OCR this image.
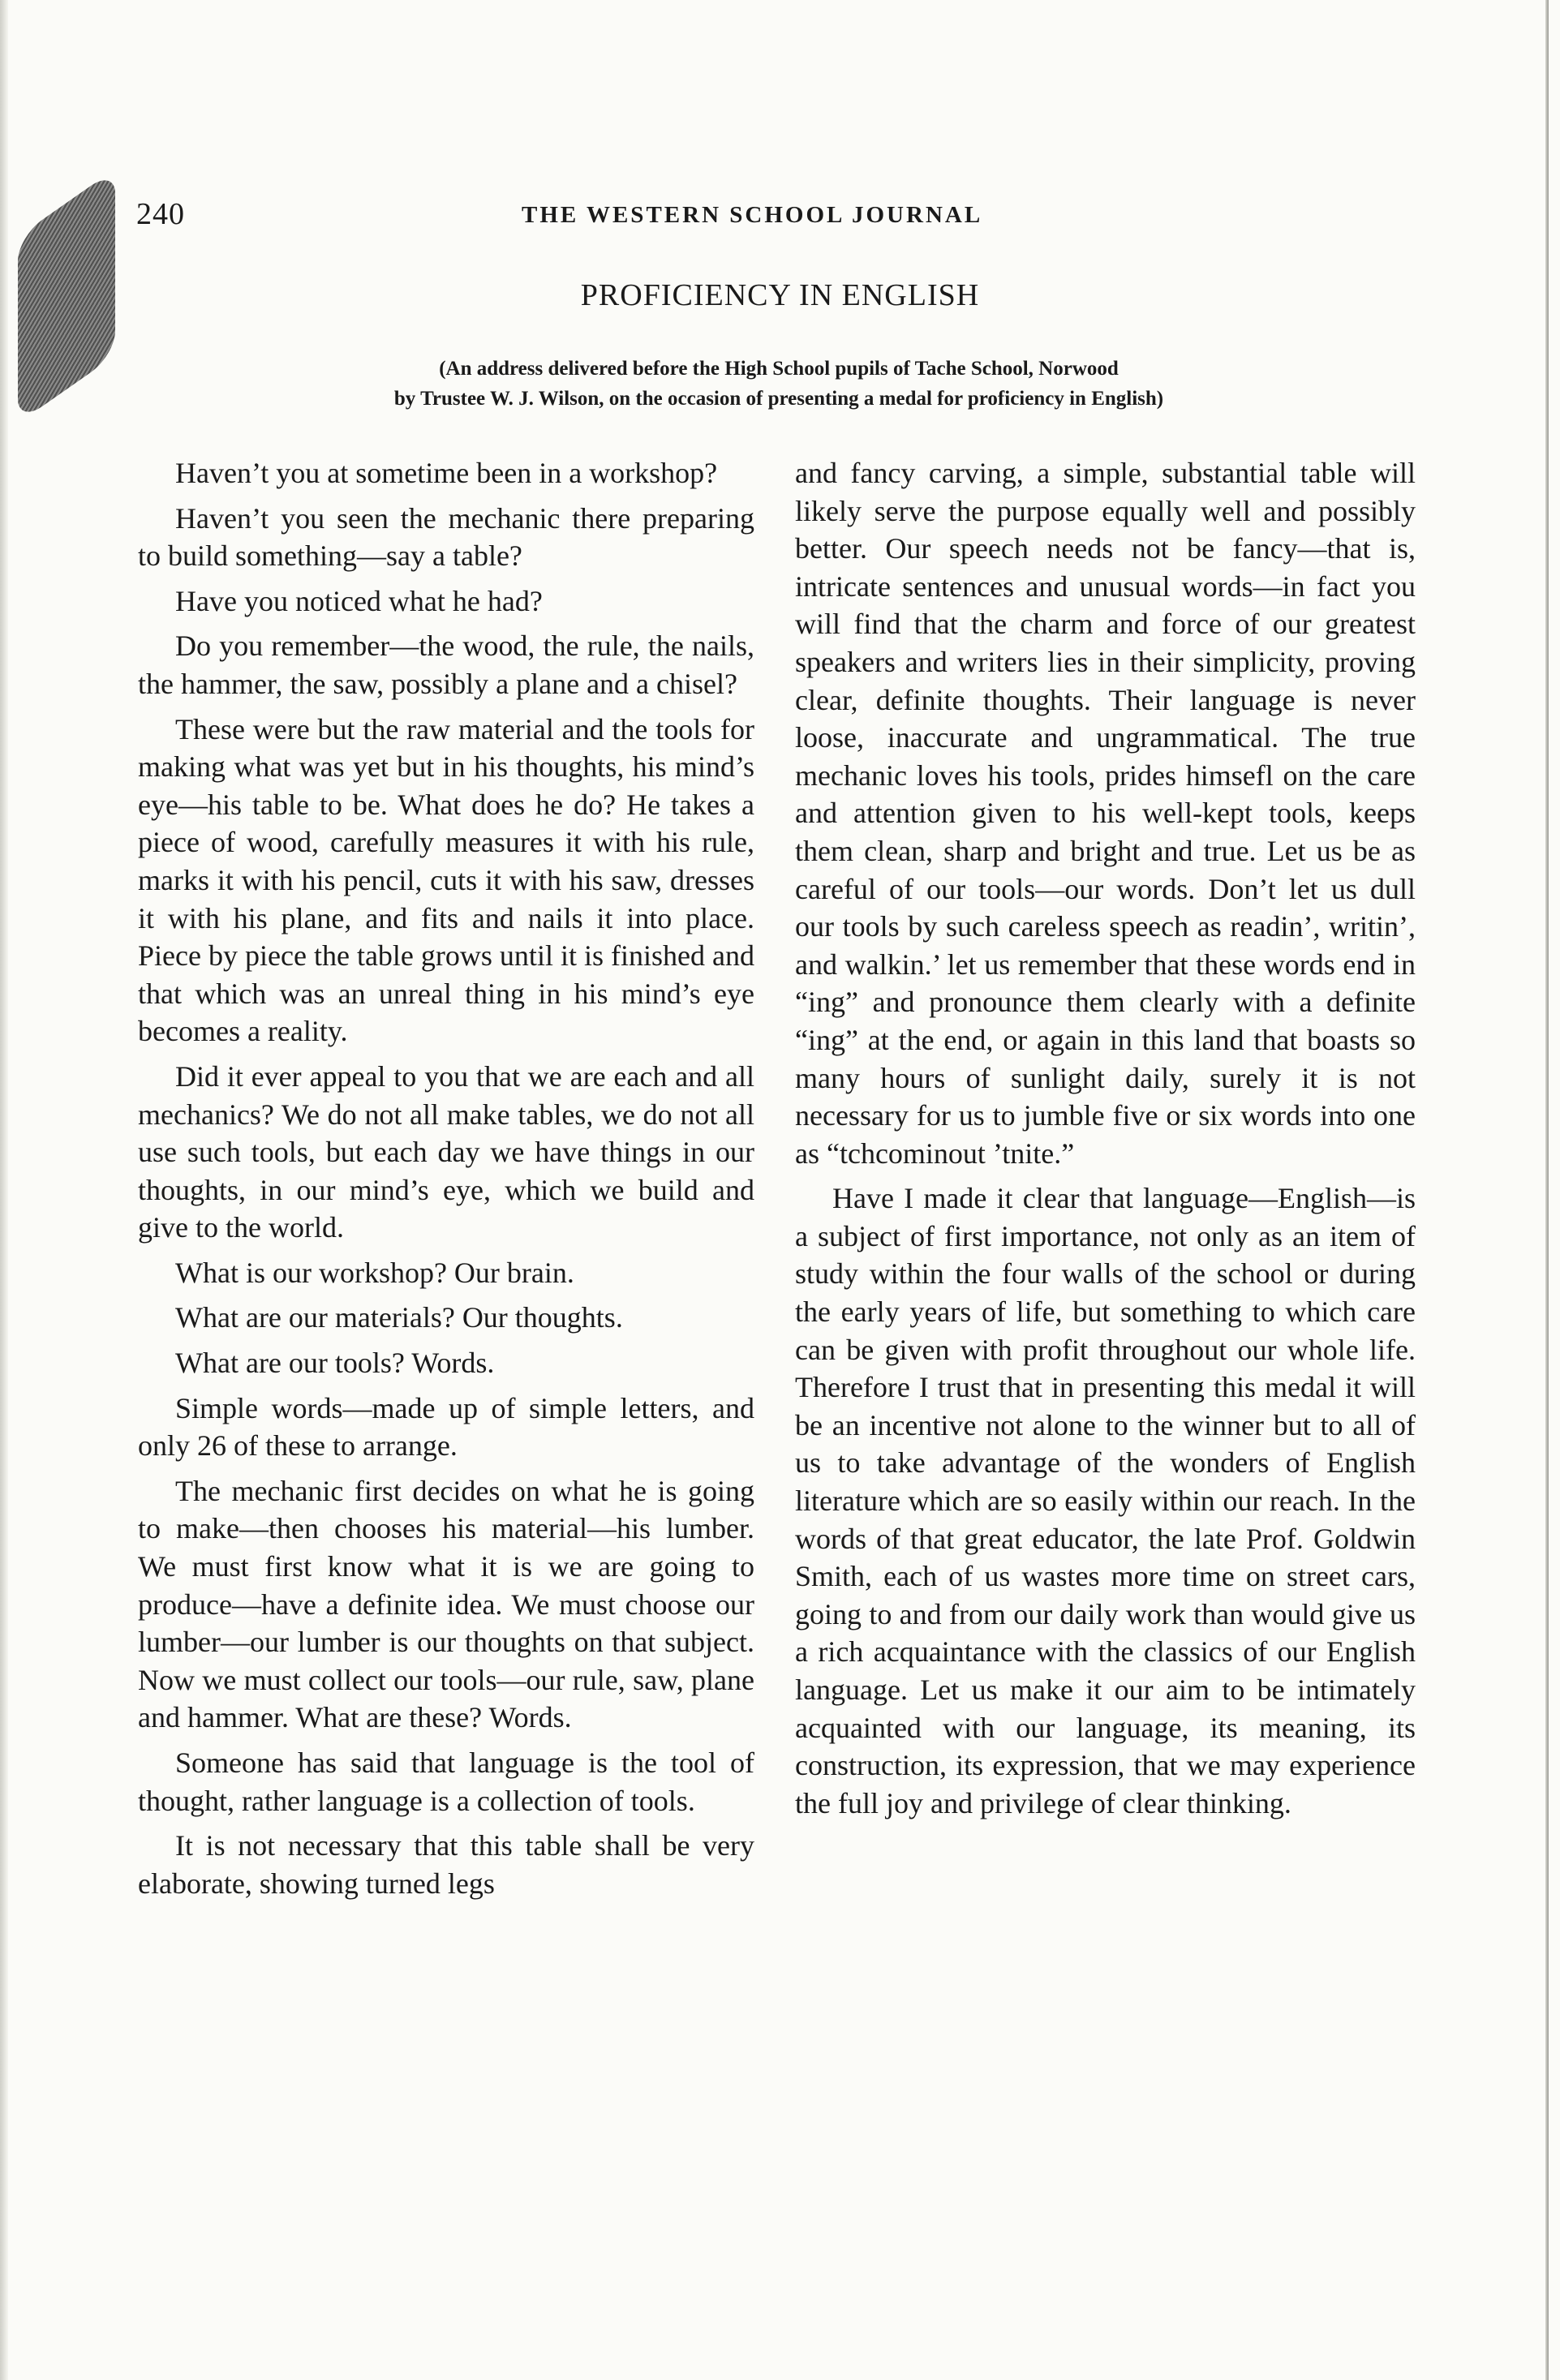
240	THE WESTERN SCHOOL JOURNAL
PROFICIENCY IN ENGLISH
(An address delivered before the High School pupils of Tache School, Norwood
by Trustee W. J. Wilson, on the occasion of presenting a medal for proficiency in English)

Haven’t you at sometime been in a workshop?

Haven’t you seen the mechanic there preparing to build something—say a table?

Have you noticed what he had?

Do you remember—the wood, the rule, the nails, the hammer, the saw, possibly a plane and a chisel?

These were but the raw material and the tools for making what was yet but in his thoughts, his mind’s eye—his table to be. What does he do? He takes a piece of wood, carefully measures it with his rule, marks it with his pencil, cuts it with his saw, dresses it with his plane, and fits and nails it into place. Piece by piece the table grows until it is finished and that which was an unreal thing in his mind’s eye becomes a reality.

Did it ever appeal to you that we are each and all mechanics? We do not all make tables, we do not all use such tools, but each day we have things in our thoughts, in our mind’s eye, which we build and give to the world.

What is our workshop? Our brain.

What are our materials? Our thoughts.

What are our tools? Words.

Simple words—made up of simple letters, and only 26 of these to arrange.

The mechanic first decides on what he is going to make—then chooses his material—his lumber. We must first know what it is we are going to produce—have a definite idea. We must choose our lumber—our lumber is our thoughts on that subject. Now we must collect our tools—our rule, saw, plane and hammer. What are these? Words.

Someone has said that language is the tool of thought, rather language is a collection of tools.

It is not necessary that this table shall be very elaborate, showing turned legs

and fancy carving, a simple, substantial table will likely serve the purpose equally well and possibly better. Our speech needs not be fancy—that is, intricate sentences and unusual words—in fact you will find that the charm and force of our greatest speakers and writers lies in their simplicity, proving clear, definite thoughts. Their language is never loose, inaccurate and ungrammatical. The true mechanic loves his tools, prides himsefl on the care and attention given to his well-kept tools, keeps them clean, sharp and bright and true. Let us be as careful of our tools—our words. Don’t let us dull our tools by such careless speech as readin’, writin’, and walkin.’ let us remember that these words end in “ing” and pronounce them clearly with a definite “ing” at the end, or again in this land that boasts so many hours of sunlight daily, surely it is not necessary for us to jumble five or six words into one as “tchcominout ’tnite.”

Have I made it clear that language—English—is a subject of first importance, not only as an item of study within the four walls of the school or during the early years of life, but something to which care can be given with profit throughout our whole life. Therefore I trust that in presenting this medal it will be an incentive not alone to the winner but to all of us to take advantage of the wonders of English literature which are so easily within our reach. In the words of that great educator, the late Prof. Goldwin Smith, each of us wastes more time on street cars, going to and from our daily work than would give us a rich acquaintance with the classics of our English language. Let us make it our aim to be intimately acquainted with our language, its meaning, its construction, its expression, that we may experience the full joy and privilege of clear thinking.
